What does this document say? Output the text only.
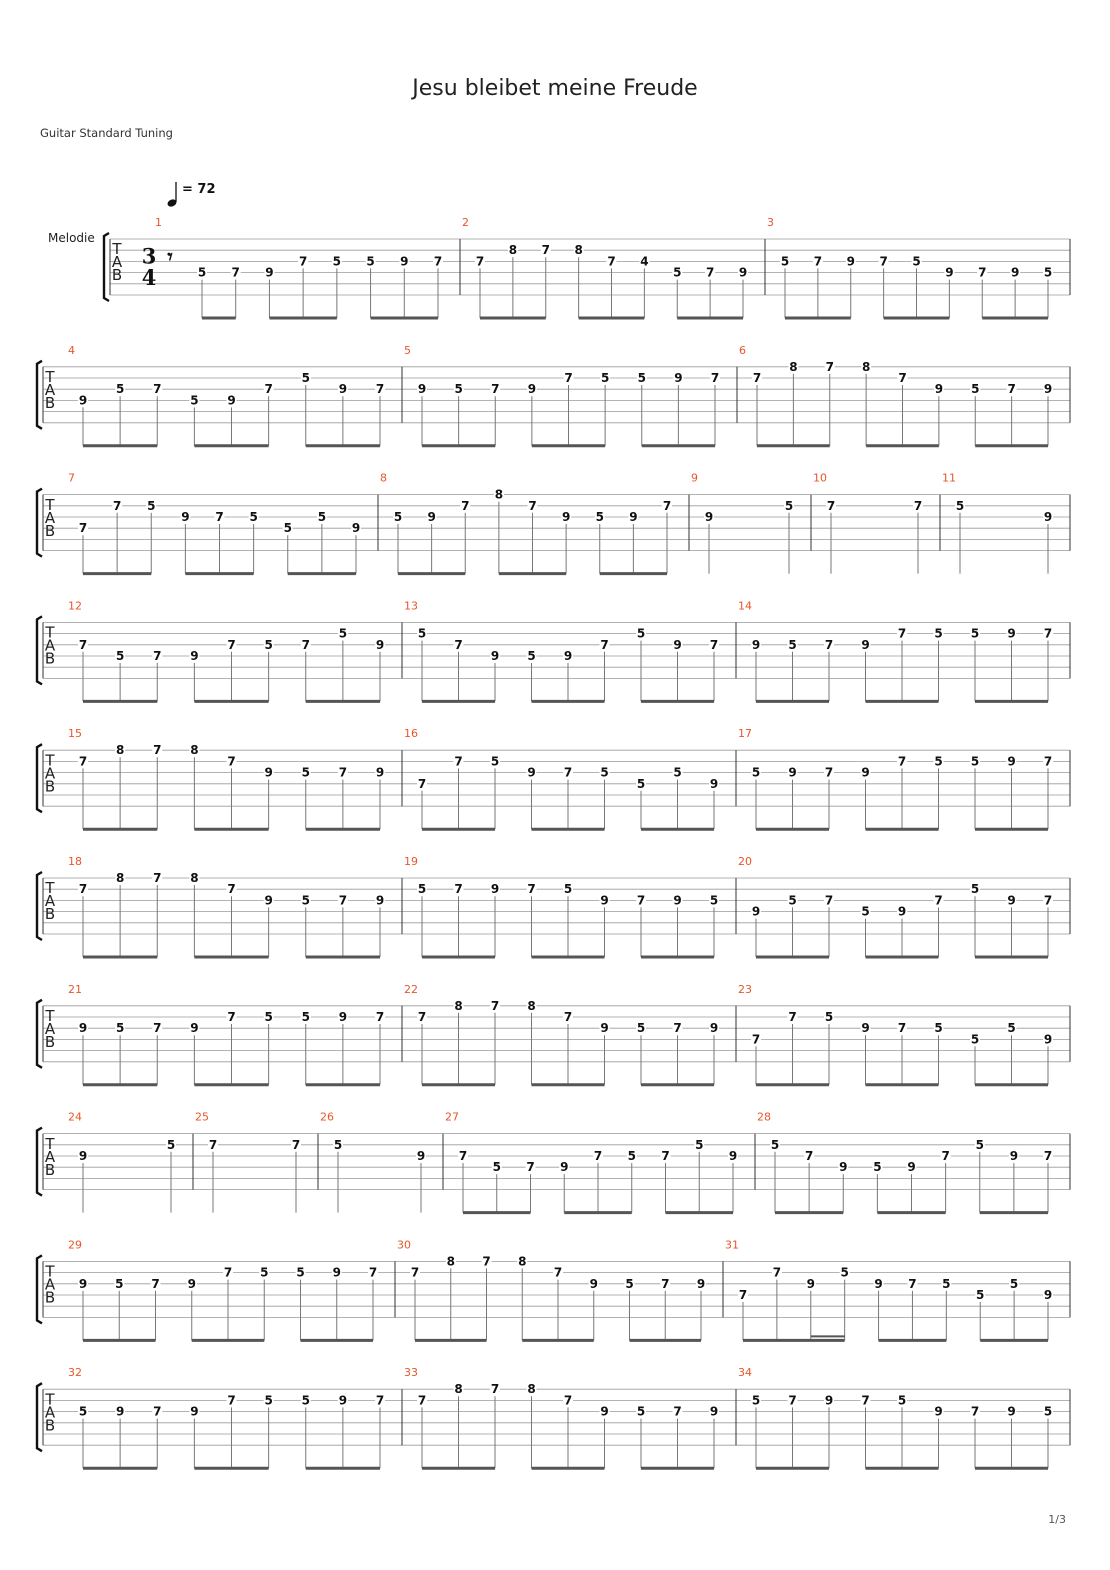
Jesu bleibet meine Freude
Guitar Standard Tuning
Melodie
= 72
T
A
B
1
3
4
𝄾
5 7 9
7 5 5 9 7
2
7
8 7 8
7 4
5 7 9
3
5 7 9 7 5
9 7 9 5
T
A
B
4
9
5 7
5 9
7
5
9 7
5
9 5 7 9
7 5 5 9 7
6
7
8 7 8
7
9 5 7 9
T
A
B
7
7
7 5
9 7 5
5
5
9
8
5 9
7
8
7
9 5 9
7
9
9
5
10
7	7
11
5
9
T
A
B
12
7
5 7 9
7 5 7
5
9
13
5
7
9 5 9
7
5
9 7
14
9 5 7 9
7 5 5 9 7
T
A
B
15
7
8 7 8
7
9 5 7 9
16
7
7 5
9 7 5
5
5
9
17
5 9 7 9
7 5 5 9 7
T
A
B
18
7
8 7 8
7
9 5 7 9
19
5 7 9 7 5
9 7 9 5
20
9
5 7
5 9
7
5
9 7
T
A
B
21
9 5 7 9
7 5 5 9 7
22
7
8 7 8
7
9 5 7 9
23
7
7 5
9 7 5
5
5
9
T
A
B
24
9
5
25
7	7
26
5
9
27
7
5 7 9
7 5 7
5
9
28
5
7
9 5 9
7
5
9 7
T
A
B
29
9 5 7 9
7 5 5 9 7
30
7
8 7 8
7
9 5 7 9
31
7
7
9
5
9 7 5
5
5
9
T
A
B
32
5 9 7 9
7 5 5 9 7
33
7
8 7 8
7
9 5 7 9
34
5 7 9 7 5
9 7 9 5
1/3
